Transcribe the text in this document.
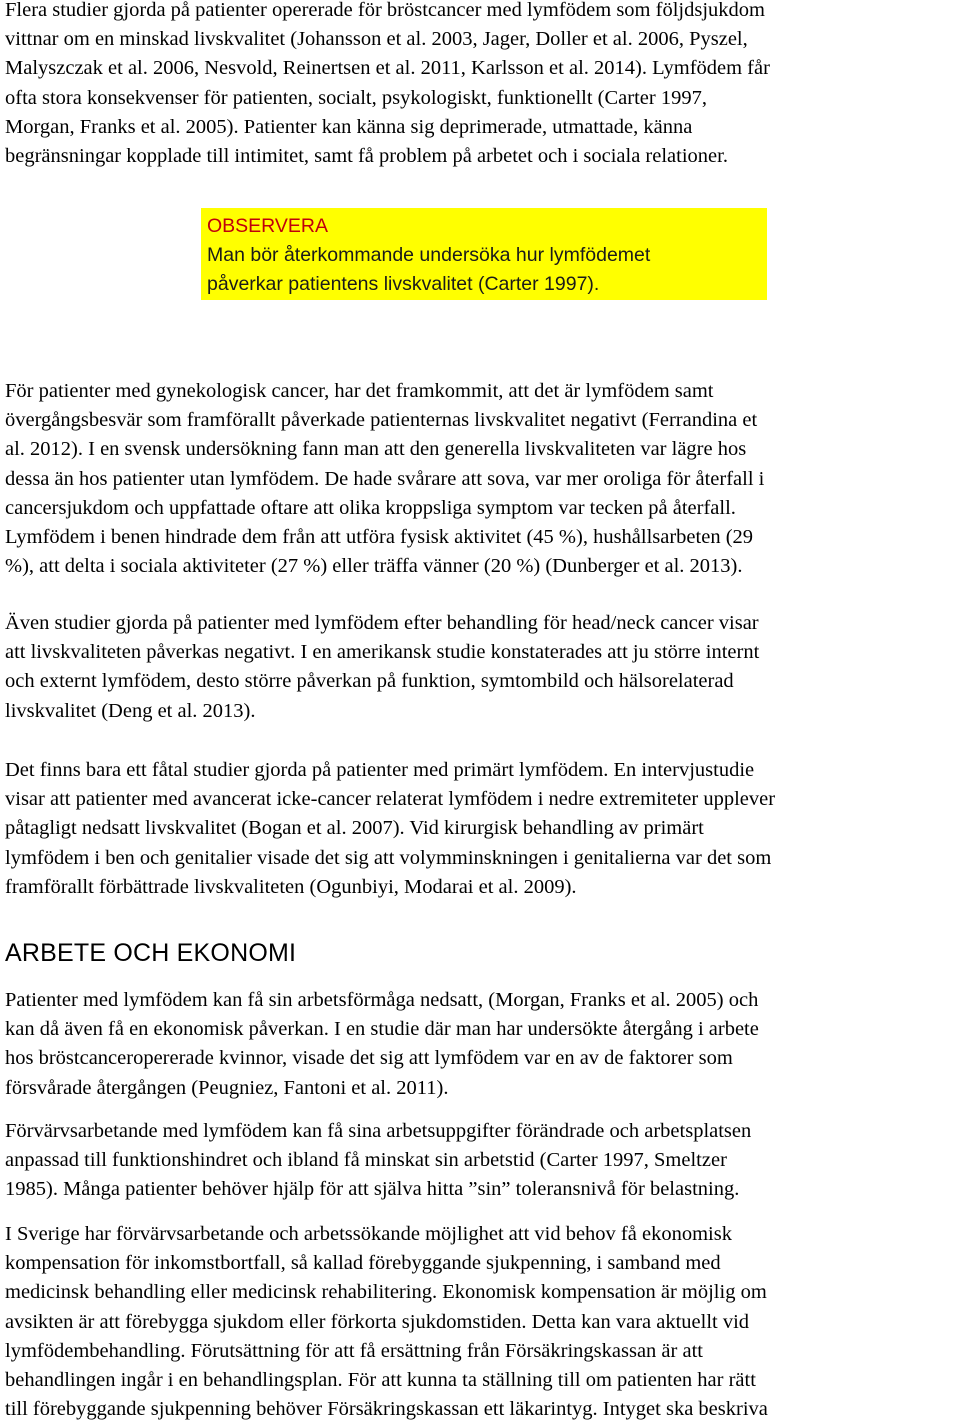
Flera studier gjorda på patienter opererade för bröstcancer med lymfödem som följdsjukdom
vittnar om en minskad livskvalitet (Johansson et al. 2003, Jager, Doller et al. 2006, Pyszel,
Malyszczak et al. 2006, Nesvold, Reinertsen et al. 2011, Karlsson et al. 2014). Lymfödem får
ofta stora konsekvenser för patienten, socialt, psykologiskt, funktionellt (Carter 1997,
Morgan, Franks et al. 2005). Patienter kan känna sig deprimerade, utmattade, känna
begränsningar kopplade till intimitet, samt få problem på arbetet och i sociala relationer.

OBSERVERA
Man bör återkommande undersöka hur lymfödemet
påverkar patientens livskvalitet (Carter 1997).

För patienter med gynekologisk cancer, har det framkommit, att det är lymfödem samt
övergångsbesvär som framförallt påverkade patienternas livskvalitet negativt (Ferrandina et
al. 2012). I en svensk undersökning fann man att den generella livskvaliteten var lägre hos
dessa än hos patienter utan lymfödem. De hade svårare att sova, var mer oroliga för återfall i
cancersjukdom och uppfattade oftare att olika kroppsliga symptom var tecken på återfall.
Lymfödem i benen hindrade dem från att utföra fysisk aktivitet (45 %), hushållsarbeten (29
%), att delta i sociala aktiviteter (27 %) eller träffa vänner (20 %) (Dunberger et al. 2013).

Även studier gjorda på patienter med lymfödem efter behandling för head/neck cancer visar
att livskvaliteten påverkas negativt. I en amerikansk studie konstaterades att ju större internt
och externt lymfödem, desto större påverkan på funktion, symtombild och hälsorelaterad
livskvalitet (Deng et al. 2013).

Det finns bara ett fåtal studier gjorda på patienter med primärt lymfödem. En intervjustudie
visar att patienter med avancerat icke-cancer relaterat lymfödem i nedre extremiteter upplever
påtagligt nedsatt livskvalitet (Bogan et al. 2007). Vid kirurgisk behandling av primärt
lymfödem i ben och genitalier visade det sig att volymminskningen i genitalierna var det som
framförallt förbättrade livskvaliteten (Ogunbiyi, Modarai et al. 2009).

ARBETE OCH EKONOMI

Patienter med lymfödem kan få sin arbetsförmåga nedsatt, (Morgan, Franks et al. 2005) och
kan då även få en ekonomisk påverkan. I en studie där man har undersökte återgång i arbete
hos bröstcanceropererade kvinnor, visade det sig att lymfödem var en av de faktorer som
försvårade återgången (Peugniez, Fantoni et al. 2011).

Förvärvsarbetande med lymfödem kan få sina arbetsuppgifter förändrade och arbetsplatsen
anpassad till funktionshindret och ibland få minskat sin arbetstid (Carter 1997, Smeltzer
1985). Många patienter behöver hjälp för att själva hitta ”sin” toleransnivå för belastning.

I Sverige har förvärvsarbetande och arbetssökande möjlighet att vid behov få ekonomisk
kompensation för inkomstbortfall, så kallad förebyggande sjukpenning, i samband med
medicinsk behandling eller medicinsk rehabilitering. Ekonomisk kompensation är möjlig om
avsikten är att förebygga sjukdom eller förkorta sjukdomstiden. Detta kan vara aktuellt vid
lymfödembehandling. Förutsättning för att få ersättning från Försäkringskassan är att
behandlingen ingår i en behandlingsplan. För att kunna ta ställning till om patienten har rätt
till förebyggande sjukpenning behöver Försäkringskassan ett läkarintyg. Intyget ska beskriva
